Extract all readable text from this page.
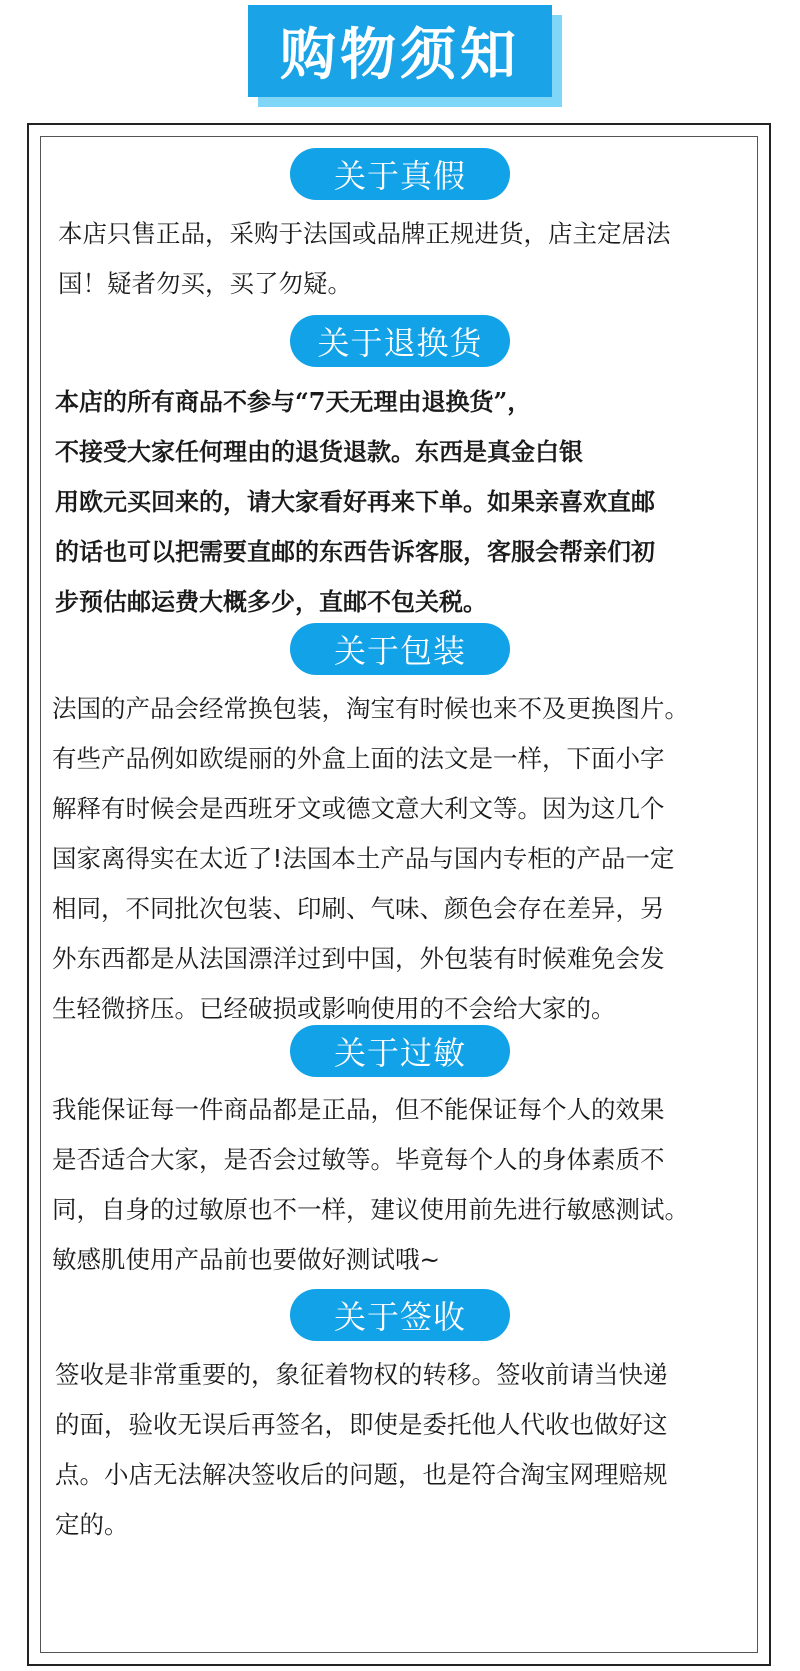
购物须知
关于真假

本店只售正品，采购于法国或品牌正规进货，店主定居法
国！疑者勿买，买了勿疑。

关于退换货

本店的所有商品不参与“7天无理由退换货”，
不接受大家任何理由的退货退款。东西是真金白银
用欧元买回来的，请大家看好再来下单。如果亲喜欢直邮
的话也可以把需要直邮的东西告诉客服，客服会帮亲们初
步预估邮运费大概多少，直邮不包关税。

关于包装

法国的产品会经常换包装，淘宝有时候也来不及更换图片。
有些产品例如欧缇丽的外盒上面的法文是一样，下面小字
解释有时候会是西班牙文或德文意大利文等。因为这几个
国家离得实在太近了!法国本土产品与国内专柜的产品一定
相同，不同批次包装、印刷、气味、颜色会存在差异，另
外东西都是从法国漂洋过到中国，外包装有时候难免会发
生轻微挤压。已经破损或影响使用的不会给大家的。

关于过敏

我能保证每一件商品都是正品，但不能保证每个人的效果
是否适合大家，是否会过敏等。毕竟每个人的身体素质不
同，自身的过敏原也不一样，建议使用前先进行敏感测试。
敏感肌使用产品前也要做好测试哦~

关于签收

签收是非常重要的，象征着物权的转移。签收前请当快递
的面，验收无误后再签名，即使是委托他人代收也做好这
点。小店无法解决签收后的问题，也是符合淘宝网理赔规
定的。
